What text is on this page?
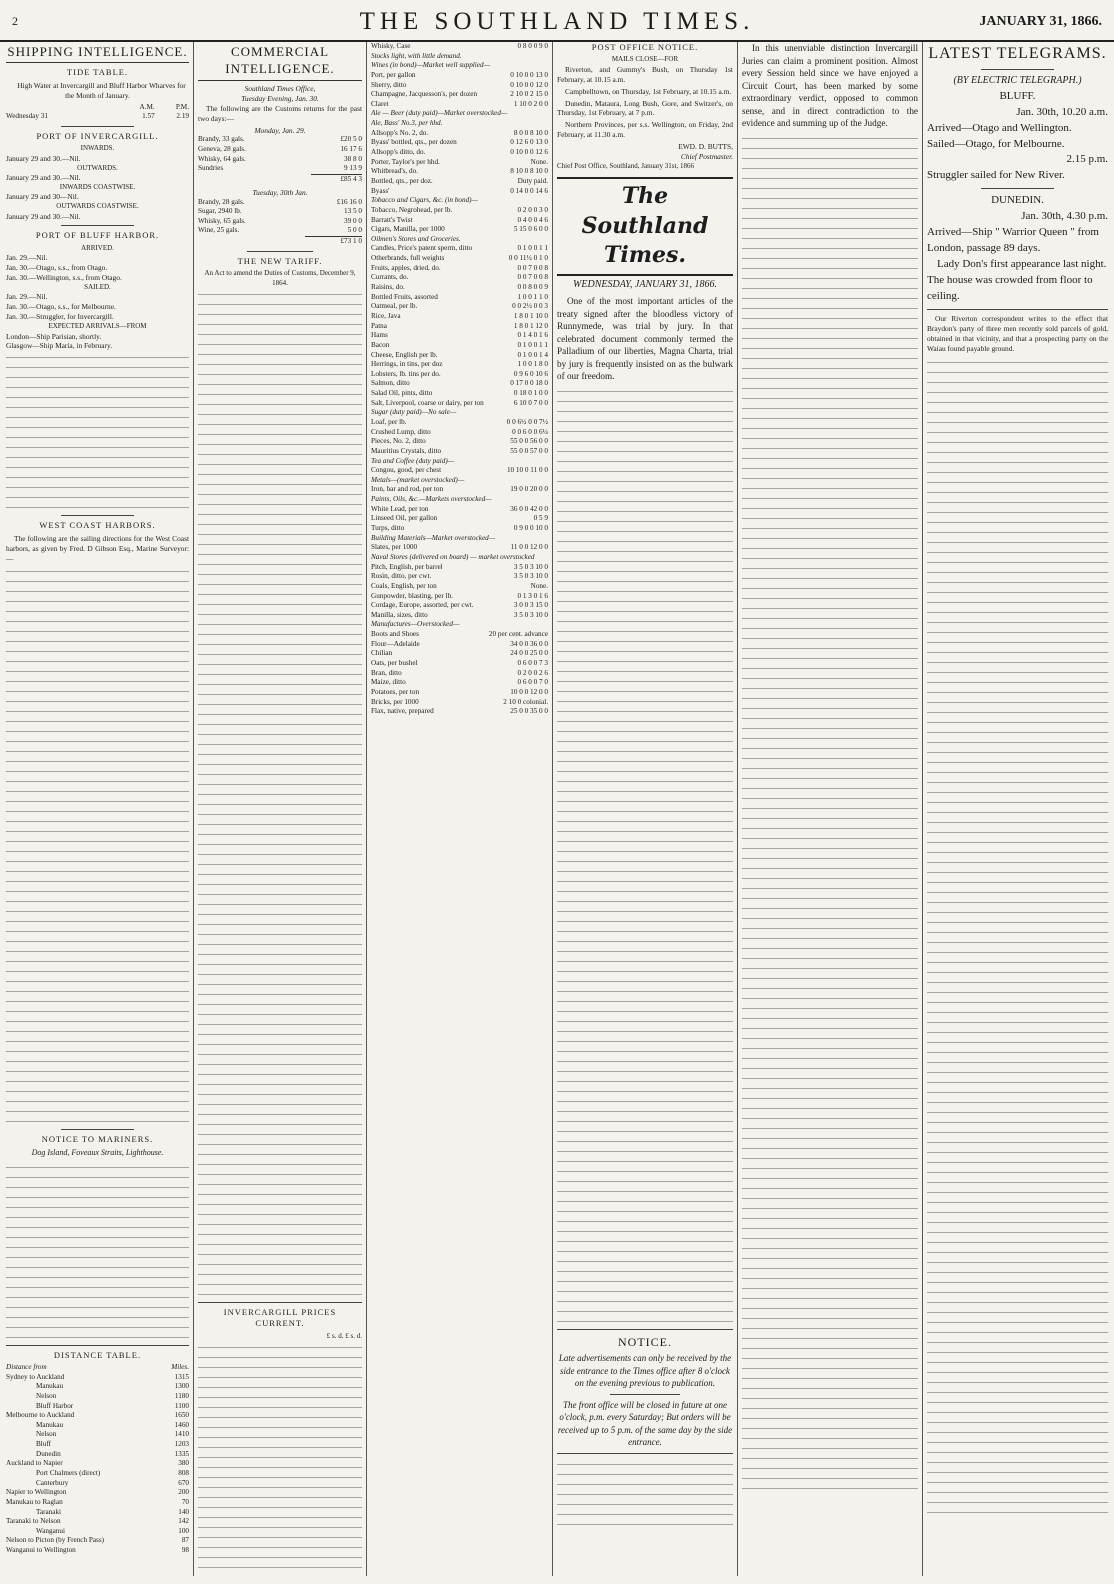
2	THE SOUTHLAND TIMES.	JANUARY 31, 1866.
SHIPPING INTELLIGENCE.
TIDE TABLE.
High Water at Invercargill and Bluff Harbor Wharves for the Month of January.
	A.M.	P.M.
Wednesday 31	1.57	2.19
PORT OF INVERCARGILL.
INWARDS.
January 29 and 30.—Nil.
OUTWARDS.
January 29 and 30.—Nil.
INWARDS COASTWISE.
January 29 and 30—Nil.
OUTWARDS COASTWISE.
January 29 and 30.—Nil.
PORT OF BLUFF HARBOR.
ARRIVED.
Jan. 29.—Nil.
Jan. 30.—Otago, s.s., from Otago.
Jan. 30.—Wellington, s.s., from Otago.
SAILED.
Jan. 29.—Nil.
Jan. 30.—Otago, s.s., for Melbourne.
Jan. 30.—Struggler, for Invercargill.
EXPECTED ARRIVALS—FROM
London—Ship Parisian, shortly.
Glasgow—Ship Maria, in February.
WEST COAST HARBORS.
The following are the sailing directions for the West Coast harbors, as given by Fred. D Gibson Esq., Marine Surveyor:—
NOTICE TO MARINERS.
Dog Island, Foveaux Straits, Lighthouse.
DISTANCE TABLE.
Distance from	Miles.
Sydney to Auckland	1315
Manukau	1300
Nelson	1180
Bluff Harbor	1100
Melbourne to Auckland	1650
Manukau	1460
Nelson	1410
Bluff	1203
Dunedin	1335
Auckland to Napier	380
Port Chalmers (direct)	808
Canterbury	670
Napier to Wellington	200
Manukau to Raglan	70
Taranaki	140
Taranaki to Nelson	142
Wanganui	100
Nelson to Picton (by French Pass)	87
Wanganui to Wellington	98
COMMERCIAL INTELLIGENCE.
Southland Times Office,
Tuesday Evening, Jan. 30.
The following are the Customs returns for the past two days:—
Monday, Jan. 29.
Brandy, 33 gals.	£20 5 0
Geneva, 28 gals.	16 17 6
Whisky, 64 gals.	38 8 0
Sundries	9 13 9
	£85 4 3
Tuesday, 30th Jan.
Brandy, 28 gals.	£16 16 0
Sugar, 2940 lb.	13 5 0
Whisky, 65 gals.	39 0 0
Wine, 25 gals.	5 0 0
	£73 1 0
THE NEW TARIFF.
An Act to amend the Duties of Customs, December 9, 1864.
INVERCARGILL PRICES CURRENT.
£ s. d. £ s. d.
Whisky, Case	0 8 0 0 9 0
Stocks light, with little demand.	
Wines (in bond)—Market well supplied—	
Port, per gallon	0 10 0 0 13 0
Sherry, ditto	0 10 0 0 12 0
Champagne, Jacquesson's, per dozen	2 10 0 2 15 0
Claret	1 10 0 2 0 0
Ale — Beer (duty paid)—Market overstocked—	
Ale, Bass' No.3, per hhd.	
Allsopp's No. 2, do.	8 0 0 8 10 0
Byass' bottled, qts., per dozen	0 12 6 0 13 0
Allsopp's ditto, do.	0 10 0 0 12 6
Porter, Taylor's per hhd.	None.
Whitbread's, do.	8 10 0 8 10 0
Bottled, qts., per doz.	Duty paid.
Byass'	0 14 0 0 14 6
Tobacco and Cigars, &c. (in bond)—	
Tobacco, Negrohead, per lb.	0 2 0 0 3 0
Barratt's Twist	0 4 0 0 4 6
Cigars, Manilla, per 1000	5 15 0 6 0 0
Oilmen's Stores and Groceries.	
Candles, Price's patent sperm, ditto	0 1 0 0 1 1
Otherbrands, full weights	0 0 11½ 0 1 0
Fruits, apples, dried, do.	0 0 7 0 0 8
Currants, do.	0 0 7 0 0 8
Raisins, do.	0 0 8 0 0 9
Bottled Fruits, assorted	1 0 0 1 1 0
Oatmeal, per lb.	0 0 2½ 0 0 3
Rice, Java	1 8 0 1 10 0
Patna	1 8 0 1 12 0
Hams	0 1 4 0 1 6
Bacon	0 1 0 0 1 1
Cheese, English per lb.	0 1 0 0 1 4
Herrings, in tins, per doz	1 0 0 1 8 0
Lobsters, lb. tins per do.	0 9 6 0 10 6
Salmon, ditto	0 17 0 0 18 0
Salad Oil, pints, ditto	0 18 0 1 0 0
Salt, Liverpool, coarse or dairy, per ton	6 10 0 7 0 0
Sugar (duty paid)—No sale—	
Loaf, per lb.	0 0 6½ 0 0 7½
Crushed Lump, ditto	0 0 6 0 0 6¼
Pieces, No. 2, ditto	55 0 0 56 0 0
Mauritius Crystals, ditto	55 0 0 57 0 0
Tea and Coffee (duty paid)—	
Congou, good, per chest	10 10 0 11 0 0
Metals—(market overstocked)—	
Iron, bar and rod, per ton	19 0 0 20 0 0
Paints, Oils, &c.—Markets overstocked—	
White Lead, per ton	36 0 0 42 0 0
Linseed Oil, per gallon	0 5 9
Turps, ditto	0 9 0 0 10 0
Building Materials—Market overstocked—	
Slates, per 1000	11 0 0 12 0 0
Naval Stores (delivered on board) — market overstocked	
Pitch, English, per barrel	3 5 0 3 10 0
Rosin, ditto, per cwt.	3 5 0 3 10 0
Coals, English, per ton	None.
Gunpowder, blasting, per lb.	0 1 3 0 1 6
Cordage, Europe, assorted, per cwt.	3 0 0 3 15 0
Manilla, sizes, ditto	3 5 0 3 10 0
Manufactures—Overstocked—	
Boots and Shoes	20 per cent. advance
Flour—Adelaide	34 0 0 36 0 0
Chilian	24 0 0 25 0 0
Oats, per bushel	0 6 0 0 7 3
Bran, ditto	0 2 0 0 2 6
Maize, ditto	0 6 0 0 7 0
Potatoes, per ton	10 0 0 12 0 0
Bricks, per 1000	2 10 0 colonial.
Flax, native, prepared	25 0 0 35 0 0
POST OFFICE NOTICE.
MAILS CLOSE—FOR
Riverton, and Gummy's Bush, on Thursday 1st February, at 10.15 a.m.
Campbelltown, on Thursday, 1st February, at 10.15 a.m.
Dunedin, Mataura, Long Bush, Gore, and Switzer's, on Thursday, 1st February, at 7 p.m.
Northern Provinces, per s.s. Wellington, on Friday, 2nd February, at 11.30 a.m.
EWD. D. BUTTS,
Chief Postmaster.
Chief Post Office, Southland, January 31st, 1866
The Southland Times.
WEDNESDAY, JANUARY 31, 1866.

One of the most important articles of the treaty signed after the bloodless victory of Runnymede, was trial by jury. In that celebrated document commonly termed the Palladium of our liberties, Magna Charta, trial by jury is frequently insisted on as the bulwark of our freedom.

NOTICE.
Late advertisements can only be received by the side entrance to the Times office after 8 o'clock on the evening previous to publication.
The front office will be closed in future at one o'clock, p.m. every Saturday; But orders will be received up to 5 p.m. of the same day by the side entrance.

In this unenviable distinction Invercargill Juries can claim a prominent position. Almost every Session held since we have enjoyed a Circuit Court, has been marked by some extraordinary verdict, opposed to common sense, and in direct contradiction to the evidence and summing up of the Judge.

LATEST TELEGRAMS.
(BY ELECTRIC TELEGRAPH.)
BLUFF.
Jan. 30th, 10.20 a.m.
Arrived—Otago and Wellington.
Sailed—Otago, for Melbourne.
2.15 p.m.
Struggler sailed for New River.
DUNEDIN.
Jan. 30th, 4.30 p.m.
Arrived—Ship " Warrior Queen " from London, passage 89 days.
Lady Don's first appearance last night. The house was crowded from floor to ceiling.
Our Riverton correspondent writes to the effect that Braydon's party of three men recently sold parcels of gold, obtained in that vicinity, and that a prospecting party on the Waiau found payable ground.
